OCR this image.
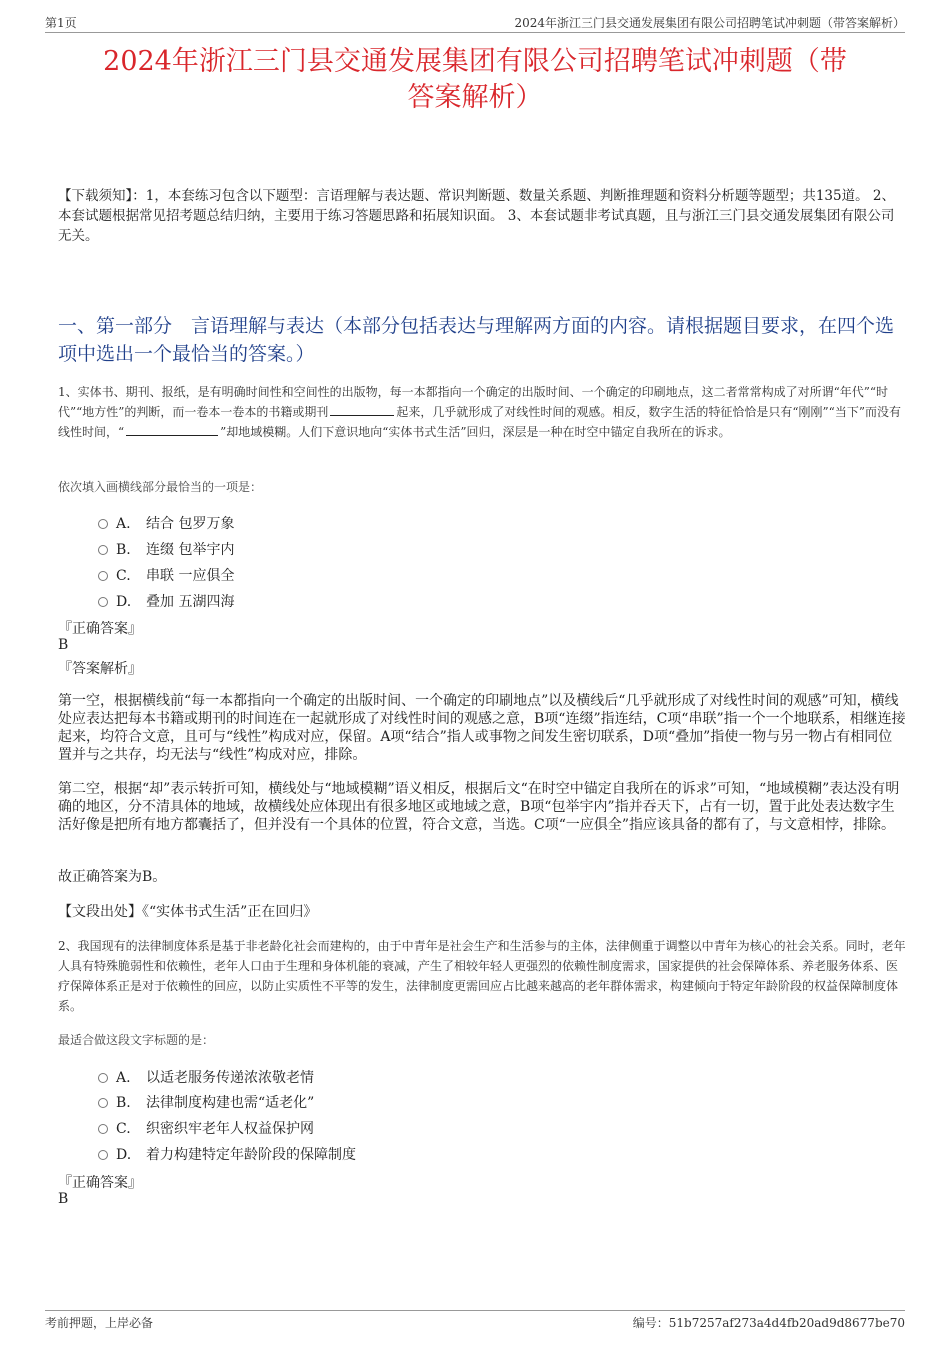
第1页	2024年浙江三门县交通发展集团有限公司招聘笔试冲刺题（带答案解析）
2024年浙江三门县交通发展集团有限公司招聘笔试冲刺题（带
答案解析）
【下载须知】：1，本套练习包含以下题型：言语理解与表达题、常识判断题、数量关系题、判断推理题和资料分析题等题型；共135道。 2、本套试题根据常见招考题总结归纳，主要用于练习答题思路和拓展知识面。 3、本套试题非考试真题，且与浙江三门县交通发展集团有限公司无关。
一、第一部分　言语理解与表达（本部分包括表达与理解两方面的内容。请根据题目要求，在四个选项中选出一个最恰当的答案。）
1、实体书、期刊、报纸，是有明确时间性和空间性的出版物，每一本都指向一个确定的出版时间、一个确定的印刷地点，这二者常常构成了对所谓“年代”“时代”“地方性”的判断，而一卷本一卷本的书籍或期刊	起来，几乎就形成了对线性时间的观感。相反，数字生活的特征恰恰是只有“刚刚”“当下”而没有线性时间，“	”却地域模糊。人们下意识地向“实体书式生活”回归，深层是一种在时空中锚定自我所在的诉求。
依次填入画横线部分最恰当的一项是：
A. 结合 包罗万象
B. 连缀 包举宇内
C. 串联 一应俱全
D. 叠加 五湖四海
『正确答案』
B
『答案解析』
第一空，根据横线前“每一本都指向一个确定的出版时间、一个确定的印刷地点”以及横线后“几乎就形成了对线性时间的观感”可知，横线处应表达把每本书籍或期刊的时间连在一起就形成了对线性时间的观感之意，B项“连缀”指连结，C项“串联”指一个一个地联系，相继连接起来，均符合文意，且可与“线性”构成对应，保留。A项“结合”指人或事物之间发生密切联系，D项“叠加”指使一物与另一物占有相同位置并与之共存，均无法与“线性”构成对应，排除。
第二空，根据“却”表示转折可知，横线处与“地域模糊”语义相反，根据后文“在时空中锚定自我所在的诉求”可知，“地域模糊”表达没有明确的地区，分不清具体的地域，故横线处应体现出有很多地区或地域之意，B项“包举宇内”指并吞天下，占有一切，置于此处表达数字生活好像是把所有地方都囊括了，但并没有一个具体的位置，符合文意，当选。C项“一应俱全”指应该具备的都有了，与文意相悖，排除。
故正确答案为B。
【文段出处】《“实体书式生活”正在回归》
2、我国现有的法律制度体系是基于非老龄化社会而建构的，由于中青年是社会生产和生活参与的主体，法律侧重于调整以中青年为核心的社会关系。同时，老年人具有特殊脆弱性和依赖性，老年人口由于生理和身体机能的衰减，产生了相较年轻人更强烈的依赖性制度需求，国家提供的社会保障体系、养老服务体系、医疗保障体系正是对于依赖性的回应，以防止实质性不平等的发生，法律制度更需回应占比越来越高的老年群体需求，构建倾向于特定年龄阶段的权益保障制度体系。
最适合做这段文字标题的是：
A. 以适老服务传递浓浓敬老情
B. 法律制度构建也需“适老化”
C. 织密织牢老年人权益保护网
D. 着力构建特定年龄阶段的保障制度
『正确答案』
B
考前押题，上岸必备	编号：51b7257af273a4d4fb20ad9d8677be70
